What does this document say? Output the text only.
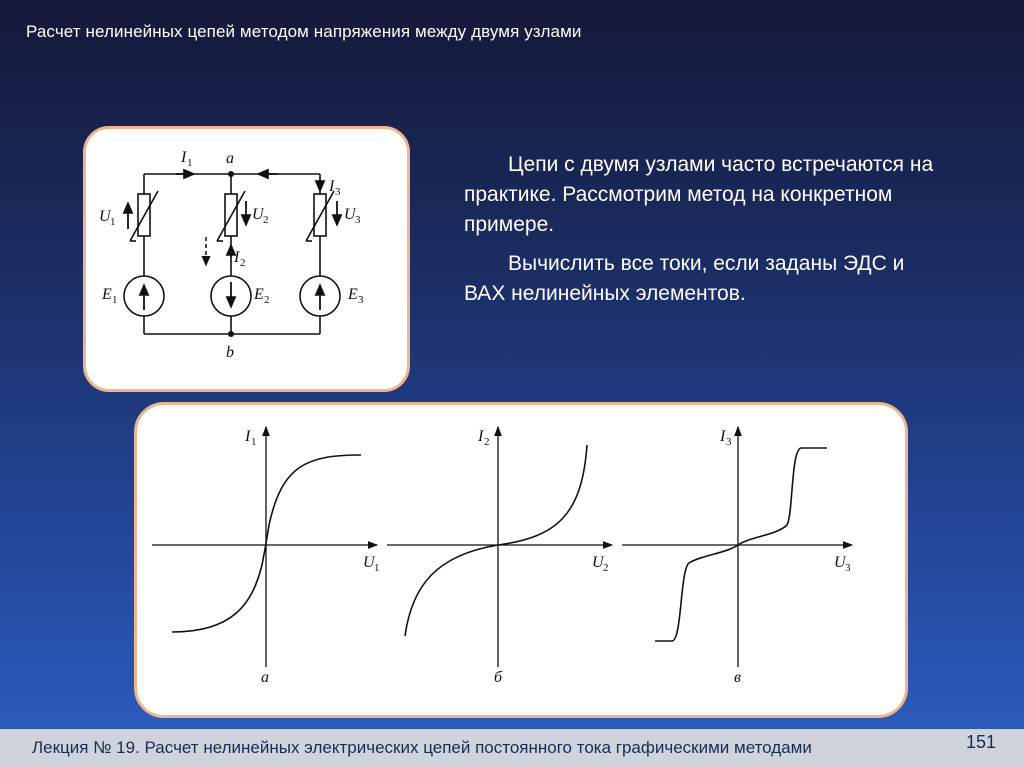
Расчет нелинейных цепей методом напряжения между двумя узлами
a
b
I 1
I 2
I 3
U 1	U 2	U 3
E 1	E 2	E 3

Цепи с двумя узлами часто встречаются на практике. Рассмотрим метод на конкретном примере.

Вычислить все токи, если заданы ЭДС и ВАХ нелинейных элементов.

I 1
U 1
а
I 2
U 2
б
I 3
U 3
в
Лекция № 19. Расчет нелинейных электрических цепей постоянного тока графическими методами	151
